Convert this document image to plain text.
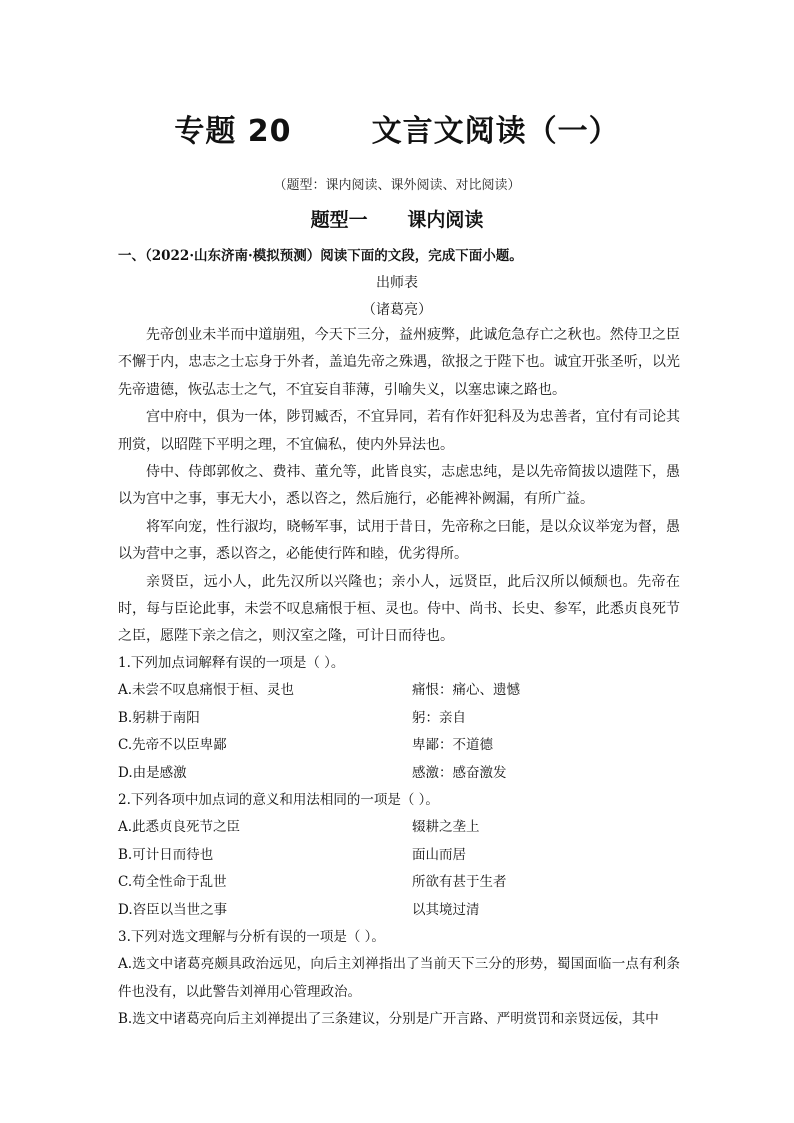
专题 20       文言文阅读（一）
（题型：课内阅读、课外阅读、对比阅读）
题型一      课内阅读
一、（2022·山东济南·模拟预测）阅读下面的文段，完成下面小题。
出师表
（诸葛亮）

先帝创业未半而中道崩殂，今天下三分，益州疲弊，此诚危急存亡之秋也。然侍卫之臣不懈于内，忠志之士忘身于外者，盖追先帝之殊遇，欲报之于陛下也。诚宜开张圣听，以光先帝遗德，恢弘志士之气，不宜妄自菲薄，引喻失义，以塞忠谏之路也。

宫中府中，俱为一体，陟罚臧否，不宜异同，若有作奸犯科及为忠善者，宜付有司论其刑赏，以昭陛下平明之理，不宜偏私，使内外异法也。

侍中、侍郎郭攸之、费祎、董允等，此皆良实，志虑忠纯，是以先帝简拔以遗陛下，愚以为宫中之事，事无大小，悉以咨之，然后施行，必能裨补阙漏，有所广益。

将军向宠，性行淑均，晓畅军事，试用于昔日，先帝称之曰能，是以众议举宠为督，愚以为营中之事，悉以咨之，必能使行阵和睦，优劣得所。

亲贤臣，远小人，此先汉所以兴隆也；亲小人，远贤臣，此后汉所以倾颓也。先帝在时，每与臣论此事，未尝不叹息痛恨于桓、灵也。侍中、尚书、长史、参军，此悉贞良死节之臣，愿陛下亲之信之，则汉室之隆，可计日而待也。

1.下列加点词解释有误的一项是（ ）。
A.未尝不叹息痛恨于桓、灵也	痛恨：痛心、遗憾
B.躬耕于南阳	躬：亲自
C.先帝不以臣卑鄙	卑鄙：不道德
D.由是感激	感激：感奋激发
2.下列各项中加点词的意义和用法相同的一项是（ ）。
A.此悉贞良死节之臣	辍耕之垄上
B.可计日而待也	面山而居
C.苟全性命于乱世	所欲有甚于生者
D.咨臣以当世之事	以其境过清
3.下列对选文理解与分析有误的一项是（ ）。
A.选文中诸葛亮颇具政治远见，向后主刘禅指出了当前天下三分的形势，蜀国面临一点有利条件也没有，以此警告刘禅用心管理政治。
B.选文中诸葛亮向后主刘禅提出了三条建议，分别是广开言路、严明赏罚和亲贤远佞，其中
